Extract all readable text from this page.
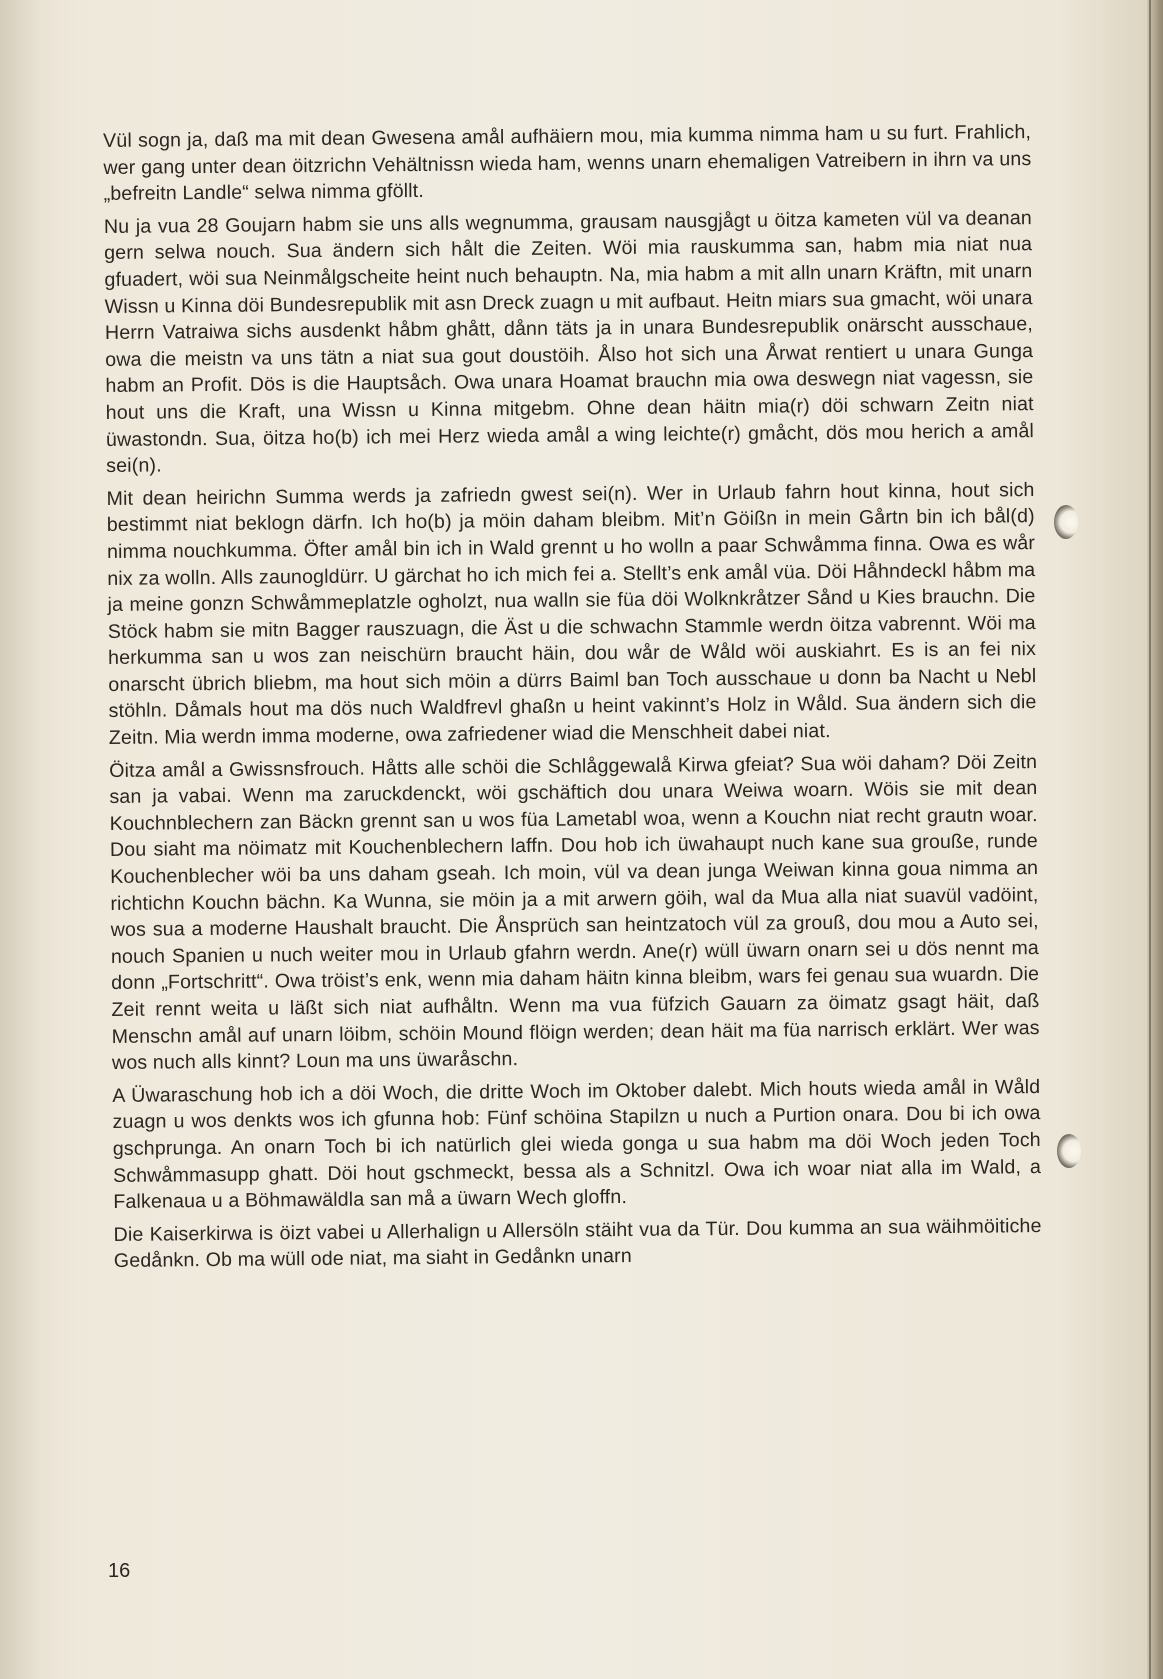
Vül sogn ja, daß ma mit dean Gwesena amål aufhäiern mou, mia kumma nimma ham u su furt. Frahlich, wer gang unter dean öitzrichn Vehältnissn wieda ham, wenns unarn ehemaligen Vatreibern in ihrn va uns „befreitn Landle“ selwa nimma gföllt.

Nu ja vua 28 Goujarn habm sie uns alls wegnumma, grausam nausgjågt u öitza kameten vül va deanan gern selwa nouch. Sua ändern sich hålt die Zeiten. Wöi mia rauskumma san, habm mia niat nua gfuadert, wöi sua Neinmålgscheite heint nuch behauptn. Na, mia habm a mit alln unarn Kräftn, mit unarn Wissn u Kinna döi Bundesrepublik mit asn Dreck zuagn u mit aufbaut. Heitn miars sua gmacht, wöi unara Herrn Vatraiwa sichs ausdenkt håbm ghått, dånn täts ja in unara Bundesrepublik onärscht ausschaue, owa die meistn va uns tätn a niat sua gout doustöih. Ålso hot sich una Årwat rentiert u unara Gunga habm an Profit. Dös is die Hauptsåch. Owa unara Hoamat brauchn mia owa deswegn niat vagessn, sie hout uns die Kraft, una Wissn u Kinna mitgebm. Ohne dean häitn mia(r) döi schwarn Zeitn niat üwastondn. Sua, öitza ho(b) ich mei Herz wieda amål a wing leichte(r) gmåcht, dös mou herich a amål sei(n).

Mit dean heirichn Summa werds ja zafriedn gwest sei(n). Wer in Urlaub fahrn hout kinna, hout sich bestimmt niat beklogn därfn. Ich ho(b) ja möin daham bleibm. Mit’n Göißn in mein Gårtn bin ich bål(d) nimma nouchkumma. Öfter amål bin ich in Wald grennt u ho wolln a paar Schwåmma finna. Owa es wår nix za wolln. Alls zaunogldürr. U gärchat ho ich mich fei a. Stellt’s enk amål vüa. Döi Håhndeckl håbm ma ja meine gonzn Schwåmmeplatzle ogholzt, nua walln sie füa döi Wolknkråtzer Sånd u Kies brauchn. Die Stöck habm sie mitn Bagger rauszuagn, die Äst u die schwachn Stammle werdn öitza vabrennt. Wöi ma herkumma san u wos zan neischürn braucht häin, dou wår de Wåld wöi auskiahrt. Es is an fei nix onarscht übrich bliebm, ma hout sich möin a dürrs Baiml ban Toch ausschaue u donn ba Nacht u Nebl stöhln. Dåmals hout ma dös nuch Waldfrevl ghaßn u heint vakinnt’s Holz in Wåld. Sua ändern sich die Zeitn. Mia werdn imma moderne, owa zafriedener wiad die Menschheit dabei niat.

Öitza amål a Gwissnsfrouch. Håtts alle schöi die Schlåggewalå Kirwa gfeiat? Sua wöi daham? Döi Zeitn san ja vabai. Wenn ma zaruckdenckt, wöi gschäftich dou unara Weiwa woarn. Wöis sie mit dean Kouchnblechern zan Bäckn grennt san u wos füa Lametabl woa, wenn a Kouchn niat recht grautn woar. Dou siaht ma nöimatz mit Kouchenblechern laffn. Dou hob ich üwahaupt nuch kane sua grouße, runde Kouchenblecher wöi ba uns daham gseah. Ich moin, vül va dean junga Weiwan kinna goua nimma an richtichn Kouchn bächn. Ka Wunna, sie möin ja a mit arwern göih, wal da Mua alla niat suavül vadöint, wos sua a moderne Haushalt braucht. Die Ånsprüch san heintzatoch vül za grouß, dou mou a Auto sei, nouch Spanien u nuch weiter mou in Urlaub gfahrn werdn. Ane(r) wüll üwarn onarn sei u dös nennt ma donn „Fortschritt“. Owa tröist’s enk, wenn mia daham häitn kinna bleibm, wars fei genau sua wuardn. Die Zeit rennt weita u läßt sich niat aufhåltn. Wenn ma vua füfzich Gauarn za öimatz gsagt häit, daß Menschn amål auf unarn löibm, schöin Mound flöign werden; dean häit ma füa narrisch erklärt. Wer was wos nuch alls kinnt? Loun ma uns üwaråschn.

A Üwaraschung hob ich a döi Woch, die dritte Woch im Oktober dalebt. Mich houts wieda amål in Wåld zuagn u wos denkts wos ich gfunna hob: Fünf schöina Stapilzn u nuch a Purtion onara. Dou bi ich owa gschprunga. An onarn Toch bi ich natürlich glei wieda gonga u sua habm ma döi Woch jeden Toch Schwåmmasupp ghatt. Döi hout gschmeckt, bessa als a Schnitzl. Owa ich woar niat alla im Wald, a Falkenaua u a Böhmawäldla san må a üwarn Wech gloffn.

Die Kaiserkirwa is öizt vabei u Allerhalign u Allersöln stäiht vua da Tür. Dou kumma an sua wäihmöitiche Gedånkn. Ob ma wüll ode niat, ma siaht in Gedånkn unarn

16
